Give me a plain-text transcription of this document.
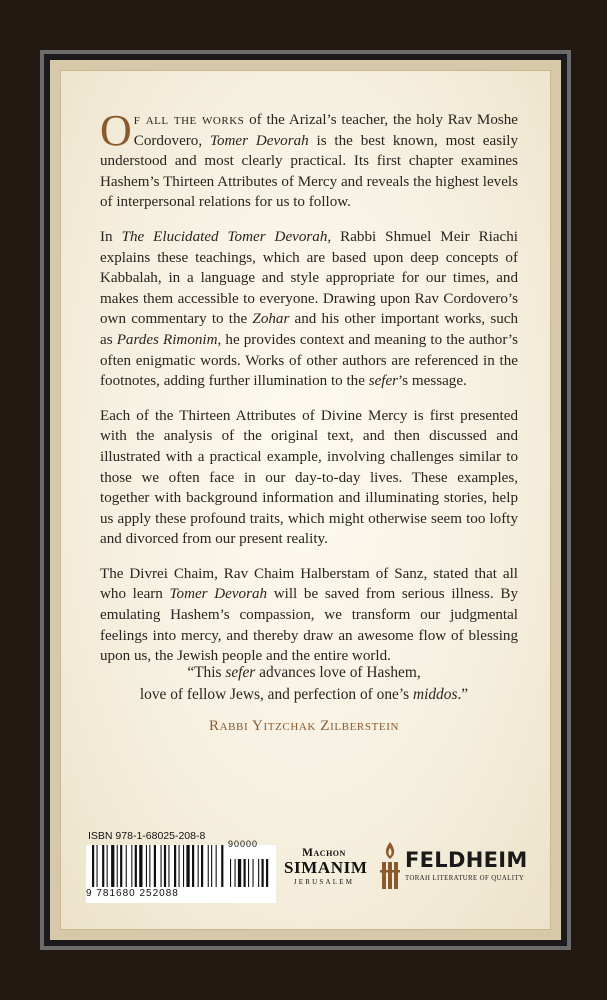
Of all the works of the Arizal’s teacher, the holy Rav Moshe Cordovero, Tomer Devorah is the best known, most easily understood and most clearly practical. Its first chapter examines Hashem’s Thirteen Attributes of Mercy and reveals the highest levels of interpersonal relations for us to follow.

In The Elucidated Tomer Devorah, Rabbi Shmuel Meir Riachi explains these teachings, which are based upon deep concepts of Kabbalah, in a language and style appropriate for our times, and makes them accessible to everyone. Drawing upon Rav Cordovero’s own commentary to the Zohar and his other important works, such as Pardes Rimonim, he provides context and meaning to the author’s often enigmatic words. Works of other authors are referenced in the footnotes, adding further illumination to the sefer’s message.

Each of the Thirteen Attributes of Divine Mercy is first presented with the analysis of the original text, and then discussed and illustrated with a practical example, involving challenges similar to those we often face in our day-to-day lives. These examples, together with background information and illuminating stories, help us apply these profound traits, which might otherwise seem too lofty and divorced from our present reality.

The Divrei Chaim, Rav Chaim Halberstam of Sanz, stated that all who learn Tomer Devorah will be saved from serious illness. By emulating Hashem’s compassion, we transform our judgmental feelings into mercy, and thereby draw an awesome flow of blessing upon us, the Jewish people and the entire world.

“This sefer advances love of Hashem,
love of fellow Jews, and perfection of one’s middos.”
Rabbi Yitzchak Zilberstein
ISBN 978-1-68025-208-8
9 781680 252088
90000
Machon
SIMANIM
JERUSALEM
FELDHEIM
TORAH LITERATURE OF QUALITY
